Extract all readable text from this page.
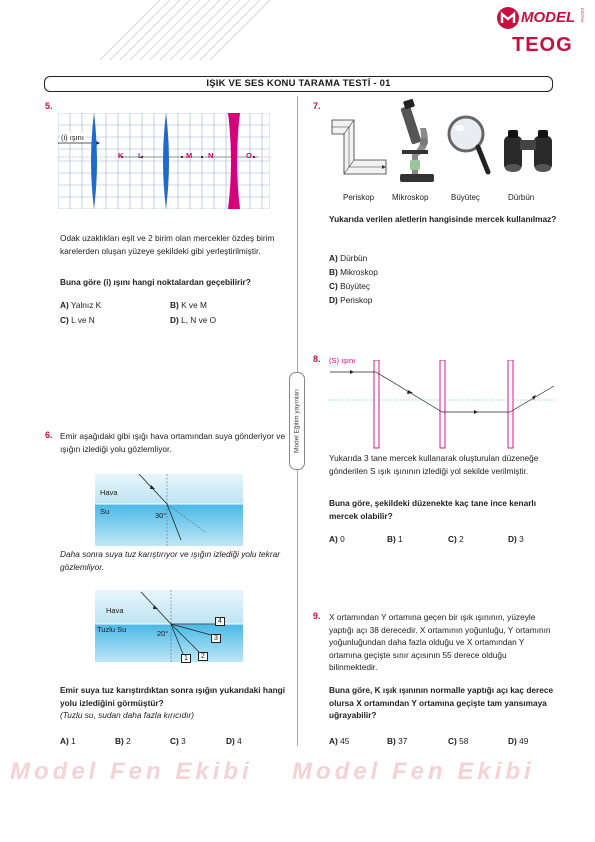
MODEL EĞİTİM
TEOG
IŞIK VE SES KONU TARAMA TESTİ - 01
Model Eğitim yayınları
5.
(i) ışını
K L	M N	O
Odak uzaklıkları eşit ve 2 birim olan mercekler özdeş birim karelerden oluşan yüzeye şekildeki gibi yerleştirilmiştir.
Buna göre (i) ışını hangi noktalardan geçebilirir?
A) Yalnız K	B) K ve M
C) L ve N	D) L, N ve O
6. Emir aşağıdaki gibi ışığı hava ortamından suya gönderiyor ve ışığın izlediği yolu gözlemliyor.
Hava
Su	30°
Daha sonra suya tuz karıştırıyor ve ışığın izlediği yolu tekrar gözlemliyor.
Hava
Tuzlu Su	20°
1	2
3
4
Emir suya tuz karıştırdıktan sonra ışığın yukarıdaki hangi yolu izlediğini görmüştür?
(Tuzlu su, sudan daha fazla kırıcıdır)
A) 1	B) 2	C) 3	D) 4
7.
Periskop Mikroskop	Büyüteç	Dürbün
Yukarıda verilen aletlerin hangisinde mercek kullanılmaz?
A) Dürbün
B) Mikroskop
C) Büyüteç
D) Periskop
8. (S) ışını
Yukarıda 3 tane mercek kullanarak oluşturulan düzeneğe gönderilen S ışık ışınının izlediği yol sekilde verilmiştir.
Buna göre, şekildeki düzenekte kaç tane ince kenarlı mercek olabilir?
A) 0	B) 1	C) 2	D) 3
9. X ortamından Y ortamına geçen bir ışık ışınının, yüzeyle yaptığı açı 38 derecedir. X ortamının yoğunluğu, Y ortamının yoğunluğundan daha fazla olduğu ve X ortamından Y ortamına geçişte sınır açısının 55 derece olduğu bilinmektedir.
Buna göre, K ışık ışınının normalle yaptığı açı kaç derece olursa X ortamından Y ortamına geçişte tam yansımaya uğrayabilir?
A) 45	B) 37	C) 58	D) 49
Model Fen Ekibi Model Fen Ekibi
